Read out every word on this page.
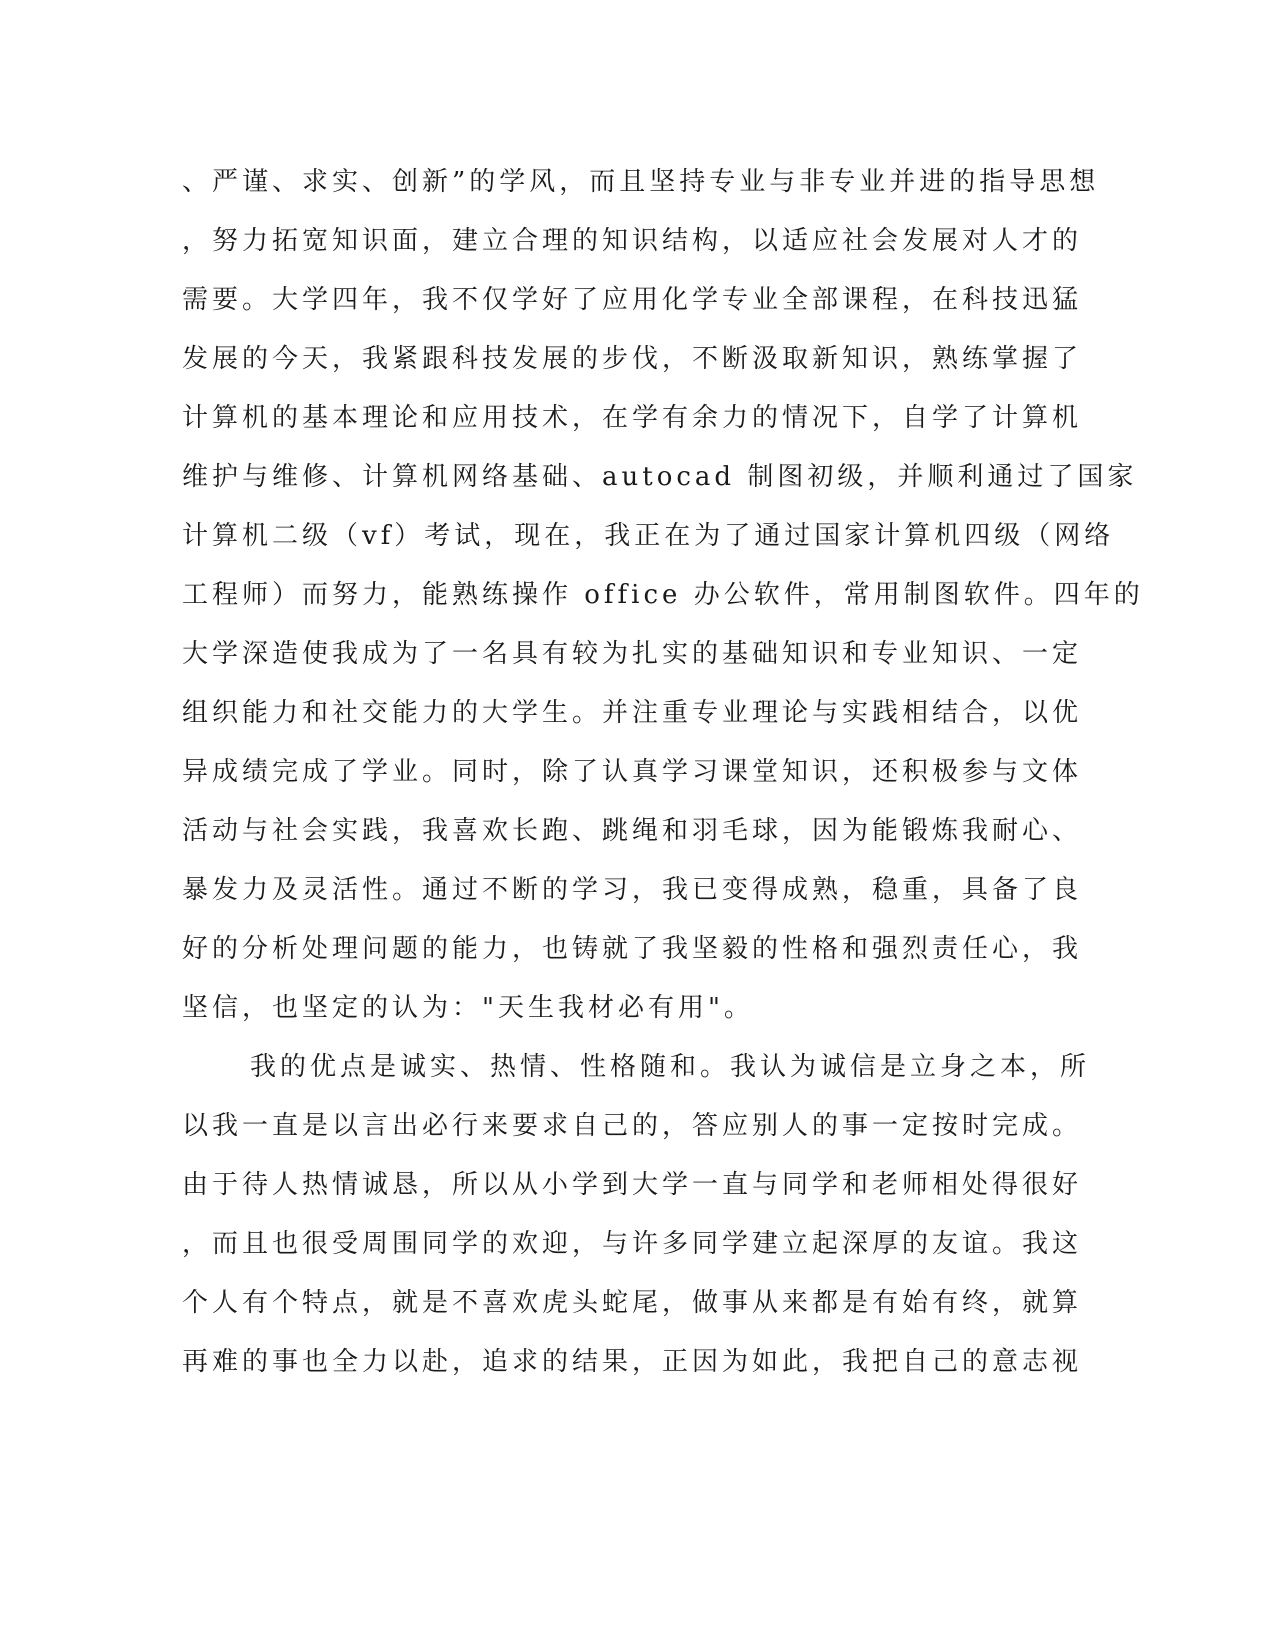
、严谨、求实、创新”的学风，而且坚持专业与非专业并进的指导思想
，努力拓宽知识面，建立合理的知识结构，以适应社会发展对人才的
需要。大学四年，我不仅学好了应用化学专业全部课程，在科技迅猛
发展的今天，我紧跟科技发展的步伐，不断汲取新知识，熟练掌握了
计算机的基本理论和应用技术，在学有余力的情况下，自学了计算机
维护与维修、计算机网络基础、autocad 制图初级，并顺利通过了国家
计算机二级（vf）考试，现在，我正在为了通过国家计算机四级（网络
工程师）而努力，能熟练操作 office 办公软件，常用制图软件。四年的
大学深造使我成为了一名具有较为扎实的基础知识和专业知识、一定
组织能力和社交能力的大学生。并注重专业理论与实践相结合，以优
异成绩完成了学业。同时，除了认真学习课堂知识，还积极参与文体
活动与社会实践，我喜欢长跑、跳绳和羽毛球，因为能锻炼我耐心、
暴发力及灵活性。通过不断的学习，我已变得成熟，稳重，具备了良
好的分析处理问题的能力，也铸就了我坚毅的性格和强烈责任心，我
坚信，也坚定的认为："天生我材必有用"。
我的优点是诚实、热情、性格随和。我认为诚信是立身之本，所
以我一直是以言出必行来要求自己的，答应别人的事一定按时完成。
由于待人热情诚恳，所以从小学到大学一直与同学和老师相处得很好
，而且也很受周围同学的欢迎，与许多同学建立起深厚的友谊。我这
个人有个特点，就是不喜欢虎头蛇尾，做事从来都是有始有终，就算
再难的事也全力以赴，追求的结果，正因为如此，我把自己的意志视
